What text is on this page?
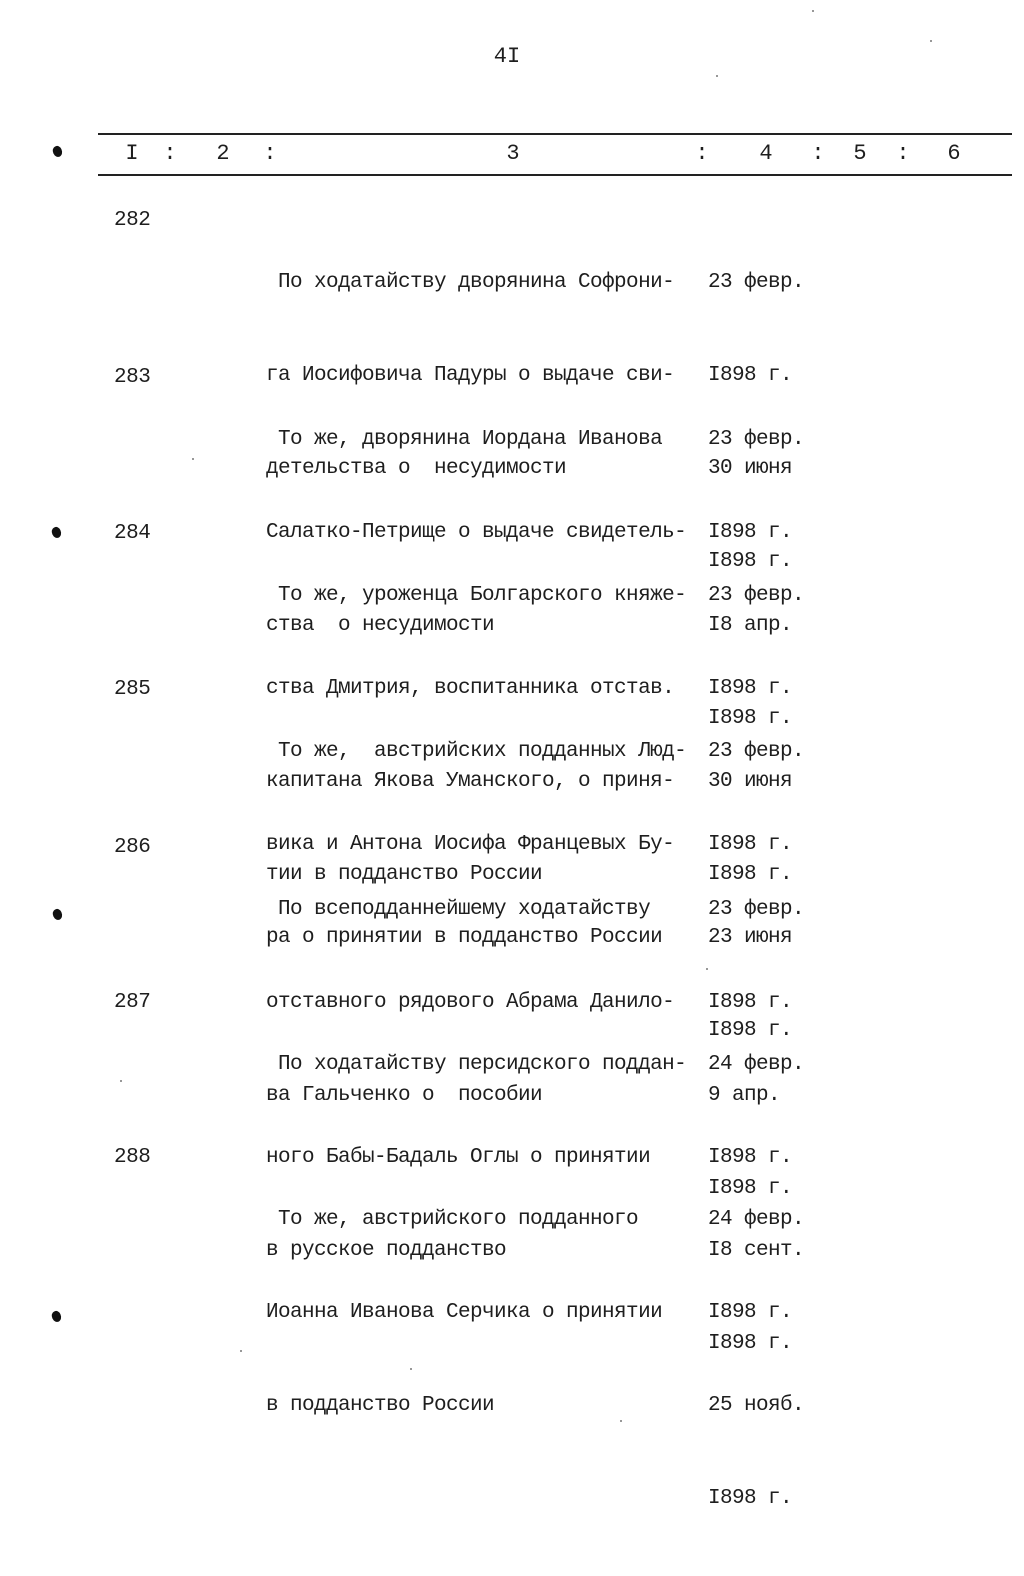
4I
I : 2 :	3	: 4 : 5 : 6
282

По ходатайству дворянина Софрони-

га Иосифовича Падуры о выдаче сви-

детельства о  несудимости

23 февр.

I898 г.

30 июня

I898 г.

283

То же, дворянина Иордана Иванова

Салатко-Петрище о выдаче свидетель-

ства  о несудимости

23 февр.

I898 г.

I8 апр.

I898 г.

284

То же, уроженца Болгарского княже-

ства Дмитрия, воспитанника отстав.

капитана Якова Уманского, о приня-

тии в подданство России

23 февр.

I898 г.

30 июня

I898 г.

285

То же,  австрийских подданных Люд-

вика и Антона Иосифа Францевых Бу-

ра о принятии в подданство России

23 февр.

I898 г.

23 июня

I898 г.

286

По всеподданнейшему ходатайству

отставного рядового Абрама Данило-

ва Гальченко о  пособии

23 февр.

I898 г.

9 апр.

I898 г.

287

По ходатайству персидского поддан-

ного Бабы-Бадаль Оглы о принятии

в русское подданство

24 февр.

I898 г.

I8 сент.

I898 г.

288

То же, австрийского подданного

Иоанна Иванова Серчика о принятии

в подданство России

24 февр.

I898 г.

25 нояб.

I898 г.
